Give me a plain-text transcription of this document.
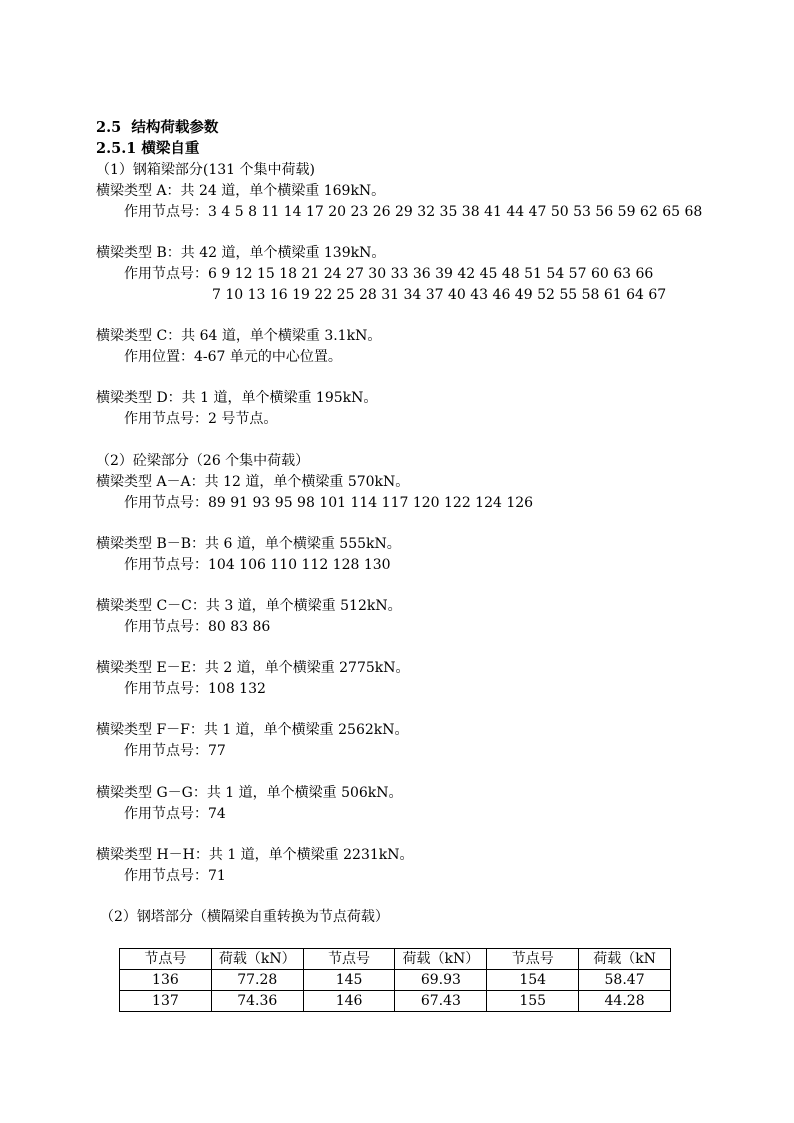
2.5  结构荷载参数
2.5.1 横梁自重
（1）钢箱梁部分(131 个集中荷载)
横梁类型 A：共 24 道，单个横梁重 169kN。
作用节点号：3 4 5 8 11 14 17 20 23 26 29 32 35 38 41 44 47 50 53 56 59 62 65 68
横梁类型 B：共 42 道，单个横梁重 139kN。
作用节点号：6 9 12 15 18 21 24 27 30 33 36 39 42 45 48 51 54 57 60 63 66
7 10 13 16 19 22 25 28 31 34 37 40 43 46 49 52 55 58 61 64 67
横梁类型 C：共 64 道，单个横梁重 3.1kN。
作用位置：4-67 单元的中心位置。
横梁类型 D：共 1 道，单个横梁重 195kN。
作用节点号：2 号节点。
（2）砼梁部分（26 个集中荷载）
横梁类型 A－A：共 12 道，单个横梁重 570kN。
作用节点号：89 91 93 95 98 101 114 117 120 122 124 126
横梁类型 B－B：共 6 道，单个横梁重 555kN。
作用节点号：104 106 110 112 128 130
横梁类型 C－C：共 3 道，单个横梁重 512kN。
作用节点号：80 83 86
横梁类型 E－E：共 2 道，单个横梁重 2775kN。
作用节点号：108 132
横梁类型 F－F：共 1 道，单个横梁重 2562kN。
作用节点号：77
横梁类型 G－G：共 1 道，单个横梁重 506kN。
作用节点号：74
横梁类型 H－H：共 1 道，单个横梁重 2231kN。
作用节点号：71
（2）钢塔部分（横隔梁自重转换为节点荷载）
节点号	荷载（kN）	节点号	荷载（kN）	节点号	荷载（kN
136	77.28	145	69.93	154	58.47
137	74.36	146	67.43	155	44.28
